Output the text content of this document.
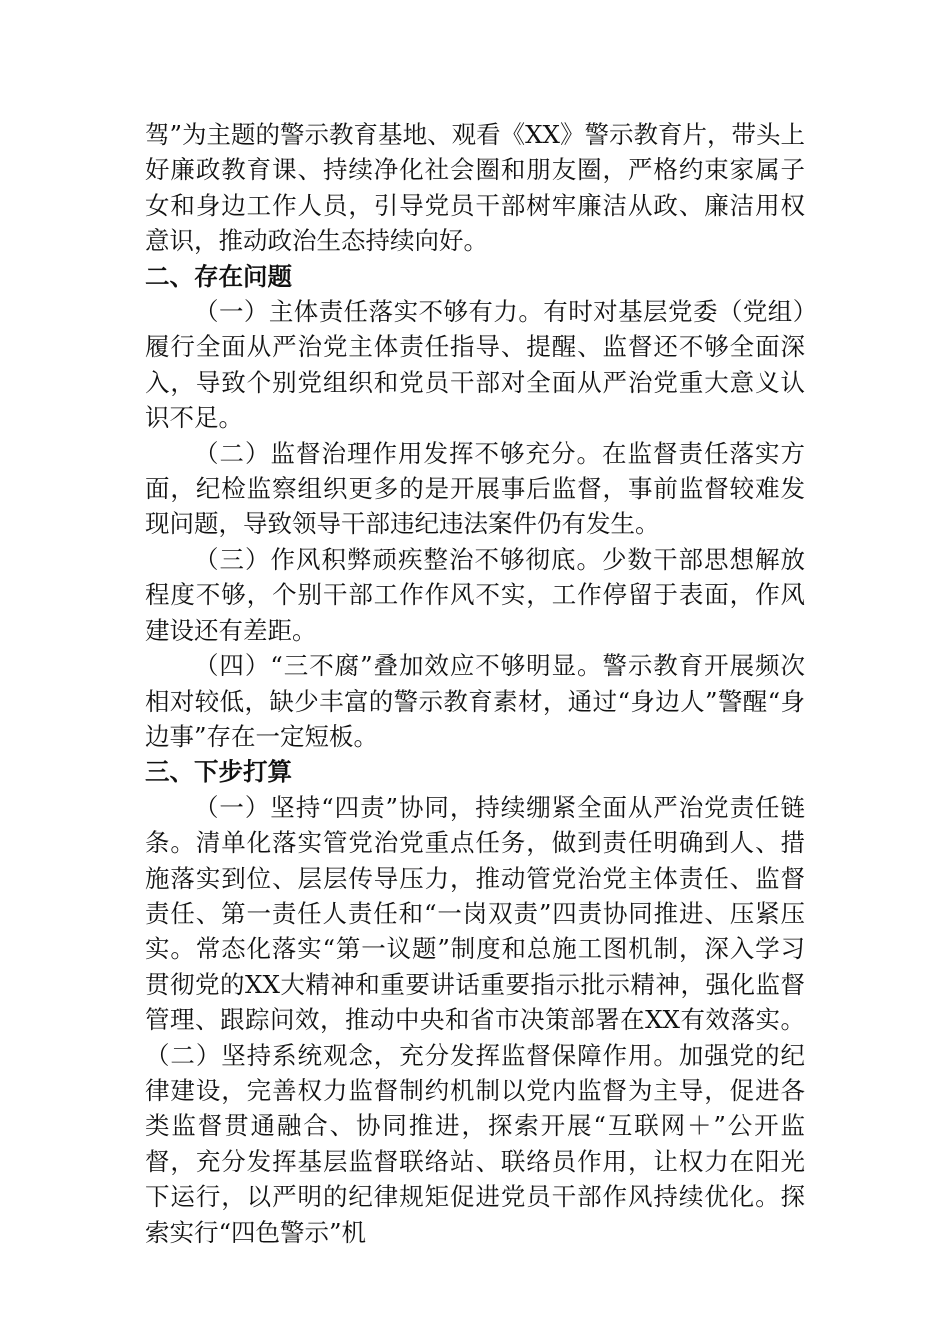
驾”为主题的警示教育基地、观看《XX》警示教育片，带头上好廉政教育课、持续净化社会圈和朋友圈，严格约束家属子女和身边工作人员，引导党员干部树牢廉洁从政、廉洁用权意识，推动政治生态持续向好。

二、存在问题

（一）主体责任落实不够有力。有时对基层党委（党组）履行全面从严治党主体责任指导、提醒、监督还不够全面深入，导致个别党组织和党员干部对全面从严治党重大意义认识不足。

（二）监督治理作用发挥不够充分。在监督责任落实方面，纪检监察组织更多的是开展事后监督，事前监督较难发现问题，导致领导干部违纪违法案件仍有发生。

（三）作风积弊顽疾整治不够彻底。少数干部思想解放程度不够，个别干部工作作风不实，工作停留于表面，作风建设还有差距。

（四）“三不腐”叠加效应不够明显。警示教育开展频次相对较低，缺少丰富的警示教育素材，通过“身边人”警醒“身边事”存在一定短板。

三、下步打算

（一）坚持“四责”协同，持续绷紧全面从严治党责任链条。清单化落实管党治党重点任务，做到责任明确到人、措施落实到位、层层传导压力，推动管党治党主体责任、监督责任、第一责任人责任和“一岗双责”四责协同推进、压紧压实。常态化落实“第一议题”制度和总施工图机制，深入学习贯彻党的XX大精神和重要讲话重要指示批示精神，强化监督管理、跟踪问效，推动中央和省市决策部署在XX有效落实。（二）坚持系统观念，充分发挥监督保障作用。加强党的纪律建设，完善权力监督制约机制以党内监督为主导，促进各类监督贯通融合、协同推进，探索开展“互联网＋”公开监督，充分发挥基层监督联络站、联络员作用，让权力在阳光下运行，以严明的纪律规矩促进党员干部作风持续优化。探索实行“四色警示”机
